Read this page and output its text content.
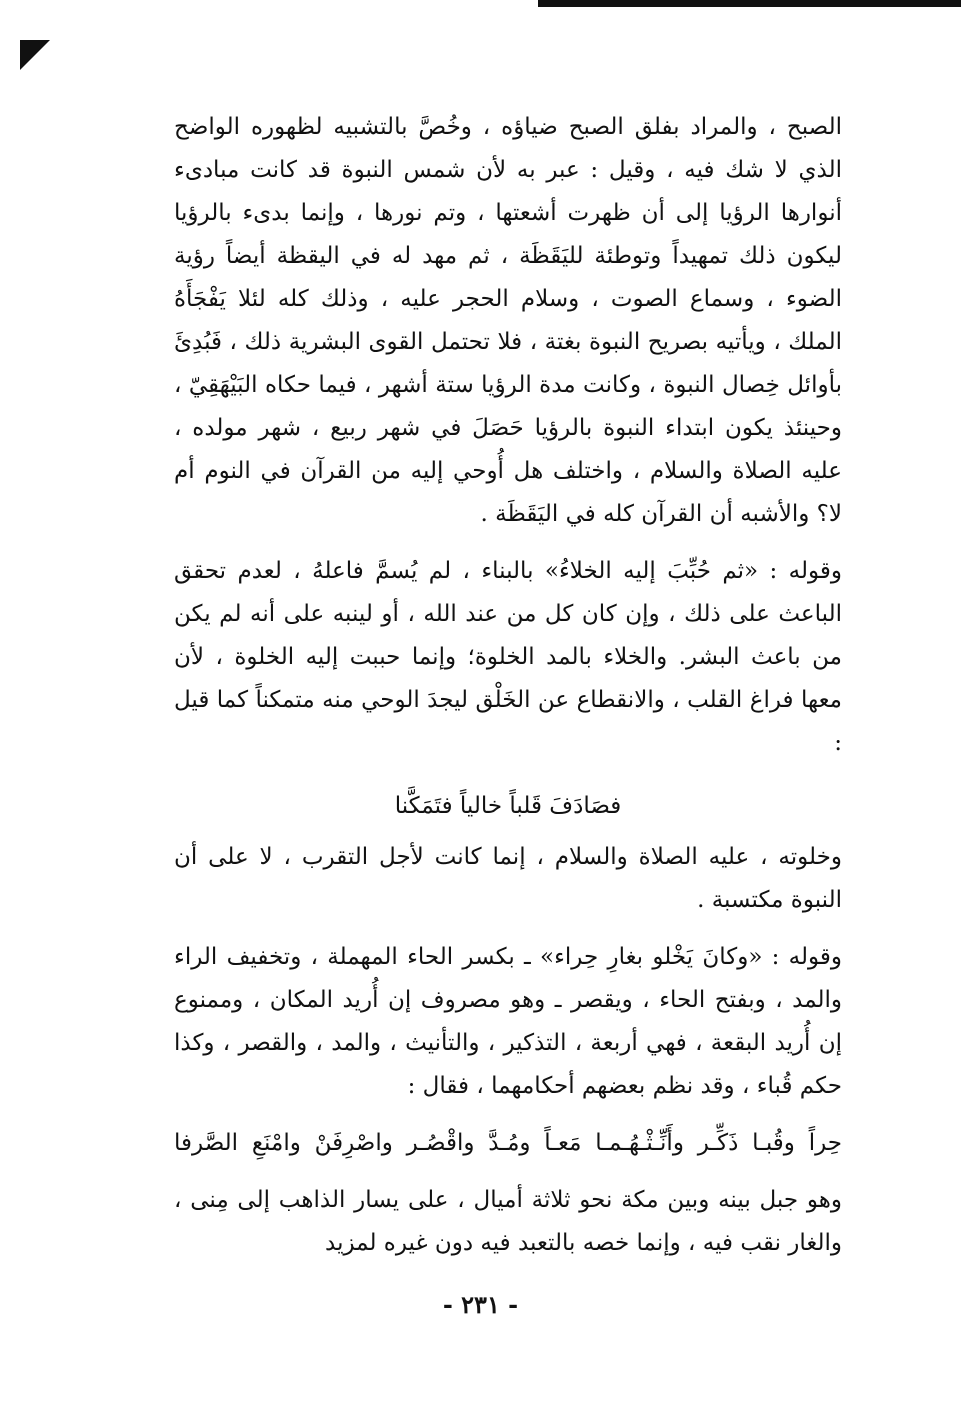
الصبح ، والمراد بفلق الصبح ضياؤه ، وخُصَّ بالتشبيه لظهوره الواضح الذي لا شك فيه ، وقيل : عبر به لأن شمس النبوة قد كانت مبادىء أنوارها الرؤيا إلى أن ظهرت أشعتها ، وتم نورها ، وإنما بدىء بالرؤيا ليكون ذلك تمهيداً وتوطئة لليَقَظَة ، ثم مهد له في اليقظة أيضاً رؤية الضوء ، وسماع الصوت ، وسلام الحجر عليه ، وذلك كله لئلا يَفْجَأَهُ الملك ، ويأتيه بصريح النبوة بغتة ، فلا تحتمل القوى البشرية ذلك ، فَبُدِئَ بأوائل خِصال النبوة ، وكانت مدة الرؤيا ستة أشهر ، فيما حكاه البَيْهَقِيّ ، وحينئذ يكون ابتداء النبوة بالرؤيا حَصَلَ في شهر ربيع ، شهر مولده ، عليه الصلاة والسلام ، واختلف هل أُوحي إليه من القرآن في النوم أم لا؟ والأشبه أن القرآن كله في اليَقَظَة .

وقوله : «ثم حُبِّبَ إليه الخلاءُ» بالبناء ، لم يُسمَّ فاعلهُ ، لعدم تحقق الباعث على ذلك ، وإن كان كل من عند الله ، أو لينبه على أنه لم يكن من باعث البشر. والخلاء بالمد الخلوة؛ وإنما حببت إليه الخلوة ، لأن معها فراغ القلب ، والانقطاع عن الخَلْق ليجدَ الوحي منه متمكناً كما قيل :

فصَادَفَ قَلباً خالياً فتَمَكَّنا

وخلوته ، عليه الصلاة والسلام ، إنما كانت لأجل التقرب ، لا على أن النبوة مكتسبة .

وقوله : «وكانَ يَخْلو بغارِ حِراء» ـ بكسر الحاء المهملة ، وتخفيف الراء والمد ، وبفتح الحاء ، ويقصر ـ وهو مصروف إن أُريد المكان ، وممنوع إن أُريد البقعة ، فهي أربعة ، التذكير ، والتأنيث ، والمد ، والقصر ، وكذا حكم قُباء ، وقد نظم بعضهم أحكامهما ، فقال :

حِراً وقُبـا ذَكِّـر وأَنِّـثْـهُـمـا مَعـاً ومُـدَّ واقْصُـر واصْرِفَنْ وامْنَعِ الصَّرفا

وهو جبل بينه وبين مكة نحو ثلاثة أميال ، على يسار الذاهب إلى مِنى ، والغار نقب فيه ، وإنما خصه بالتعبد فيه دون غيره لمزيد

- ٢٣١ -
